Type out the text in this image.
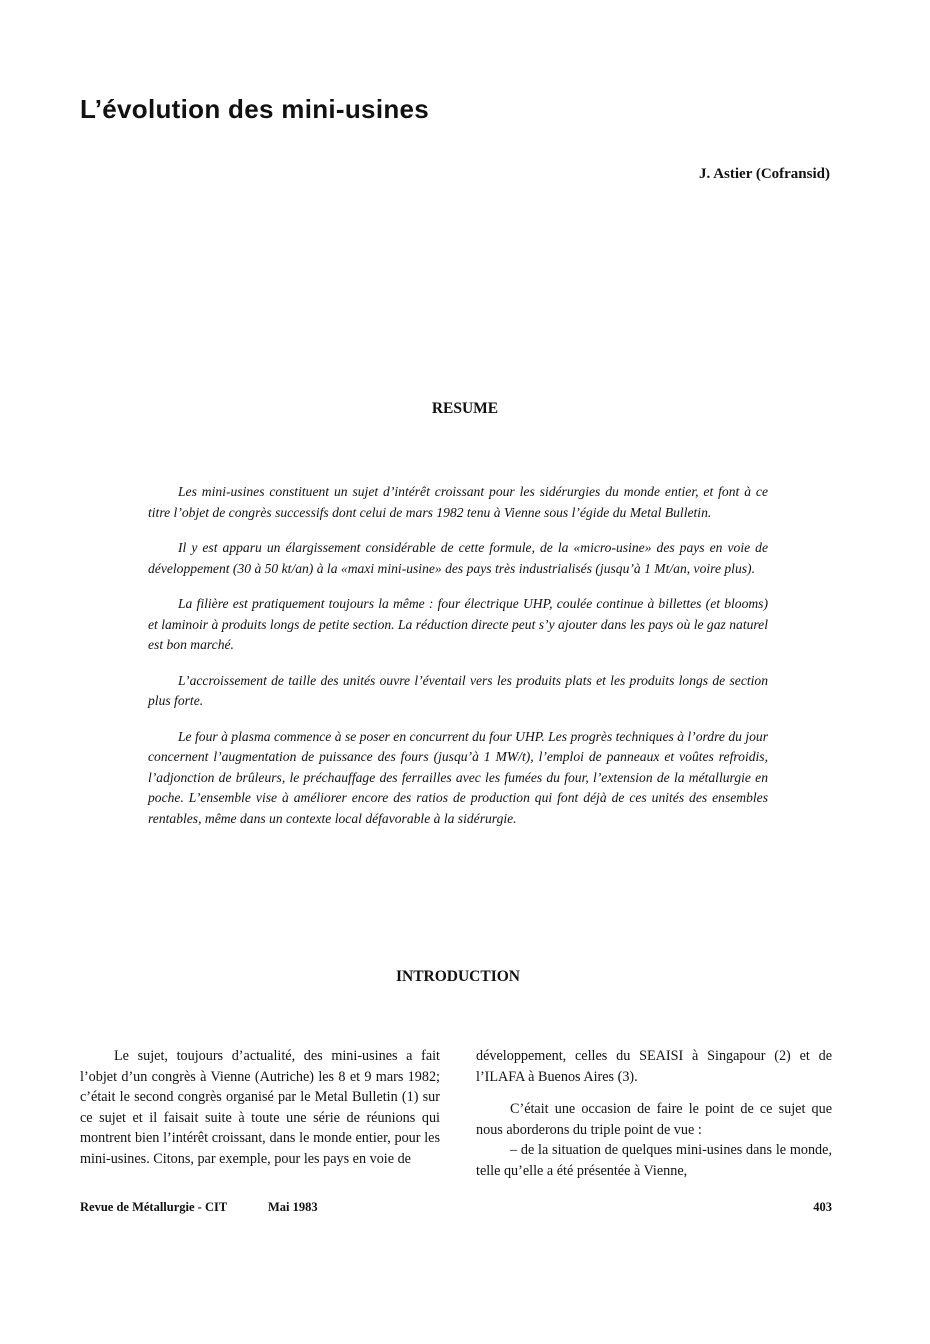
L’évolution des mini-usines
J. Astier (Cofransid)
RESUME

Les mini-usines constituent un sujet d’intérêt croissant pour les sidérurgies du monde entier, et font à ce titre l’objet de congrès successifs dont celui de mars 1982 tenu à Vienne sous l’égide du Metal Bulletin.

Il y est apparu un élargissement considérable de cette formule, de la «micro-usine» des pays en voie de développement (30 à 50 kt/an) à la «maxi mini-usine» des pays très industrialisés (jusqu’à 1 Mt/an, voire plus).

La filière est pratiquement toujours la même : four électrique UHP, coulée continue à billettes (et blooms) et laminoir à produits longs de petite section. La réduction directe peut s’y ajouter dans les pays où le gaz naturel est bon marché.

L’accroissement de taille des unités ouvre l’éventail vers les produits plats et les produits longs de section plus forte.

Le four à plasma commence à se poser en concurrent du four UHP. Les progrès techniques à l’ordre du jour concernent l’augmentation de puissance des fours (jusqu’à 1 MW/t), l’emploi de panneaux et voûtes refroidis, l’adjonction de brûleurs, le préchauffage des ferrailles avec les fumées du four, l’extension de la métallurgie en poche. L’ensemble vise à améliorer encore des ratios de production qui font déjà de ces unités des ensembles rentables, même dans un contexte local défavorable à la sidérurgie.

INTRODUCTION

Le sujet, toujours d’actualité, des mini-usines a fait l’objet d’un congrès à Vienne (Autriche) les 8 et 9 mars 1982; c’était le second congrès organisé par le Metal Bulletin (1) sur ce sujet et il faisait suite à toute une série de réunions qui montrent bien l’intérêt croissant, dans le monde entier, pour les mini-usines. Citons, par exemple, pour les pays en voie de

développement, celles du SEAISI à Singapour (2) et de l’ILAFA à Buenos Aires (3).

C’était une occasion de faire le point de ce sujet que nous aborderons du triple point de vue :

– de la situation de quelques mini-usines dans le monde, telle qu’elle a été présentée à Vienne,

Revue de Métallurgie - CIT	Mai 1983	403
